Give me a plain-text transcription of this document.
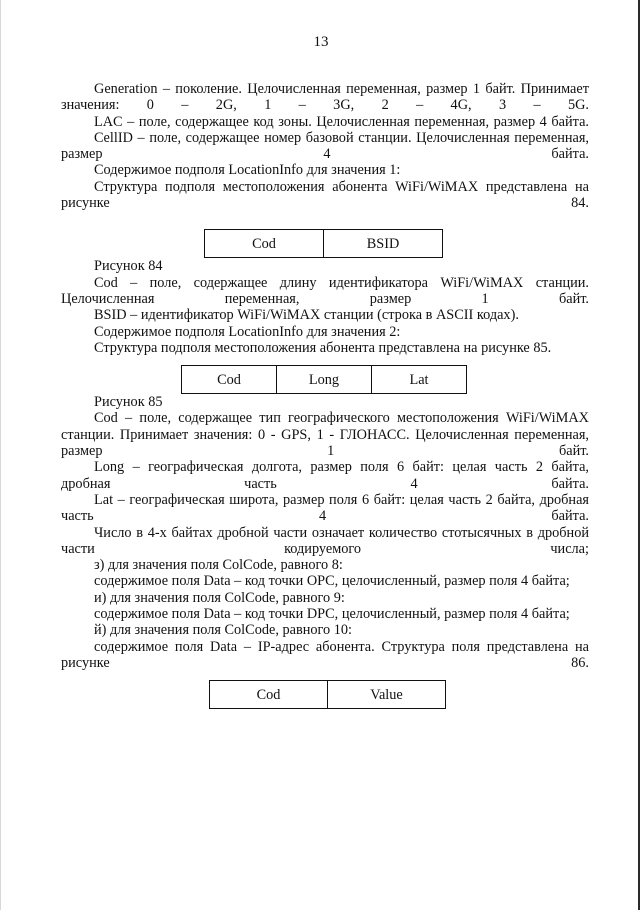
13

Generation – поколение. Целочисленная переменная, размер 1 байт. Принимает значения: 0 – 2G, 1 – 3G, 2 – 4G, 3 – 5G.

LAC – поле, содержащее код зоны. Целочисленная переменная, размер 4 байта.

CellID – поле, содержащее номер базовой станции. Целочисленная переменная, размер 4 байта.

Содержимое подполя LocationInfo для значения 1:

Структура подполя местоположения абонента WiFi/WiMAX представлена на рисунке 84.

Cod	BSID

Рисунок 84

Cod – поле, содержащее длину идентификатора WiFi/WiMAX станции. Целочисленная переменная, размер 1 байт.

BSID – идентификатор WiFi/WiMAX станции (строка в ASCII кодах).

Содержимое подполя LocationInfo для значения 2:

Структура подполя местоположения абонента представлена на рисунке 85.

Cod	Long	Lat

Рисунок 85

Cod – поле, содержащее тип географического местоположения WiFi/WiMAX станции. Принимает значения: 0 - GPS, 1 - ГЛОНАСС. Целочисленная переменная, размер 1 байт.

Long – географическая долгота, размер поля 6 байт: целая часть 2 байта, дробная часть 4 байта.

Lat – географическая широта, размер поля 6 байт: целая часть 2 байта, дробная часть 4 байта.

Число в 4-х байтах дробной части означает количество стотысячных в дробной части кодируемого числа;

з) для значения поля ColCode, равного 8:

содержимое поля Data – код точки OPC, целочисленный, размер поля 4 байта;

и) для значения поля ColCode, равного 9:

содержимое поля Data – код точки DPC, целочисленный, размер поля 4 байта;

й) для значения поля ColCode, равного 10:

содержимое поля Data – IP-адрес абонента. Структура поля представлена на рисунке 86.

Cod	Value
